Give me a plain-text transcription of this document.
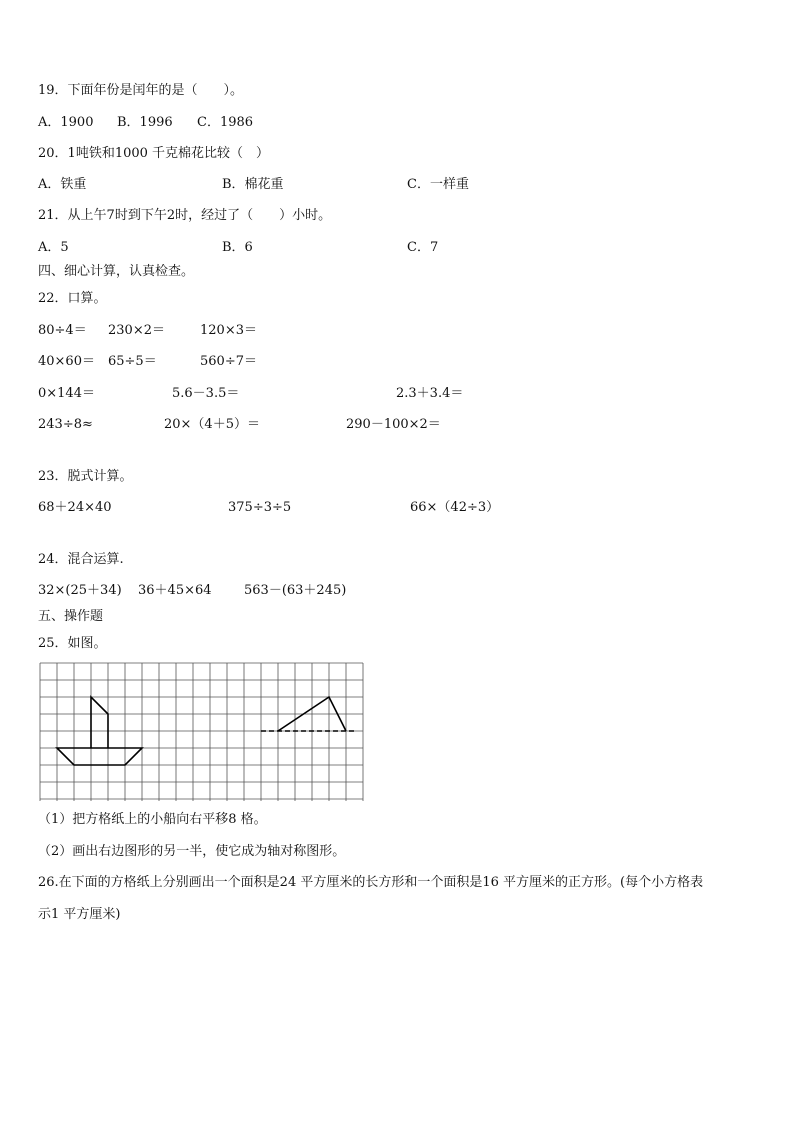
19．下面年份是闰年的是（　　）。
A．1900 B．1996 C．1986
20．1吨铁和1000 千克棉花比较（　）
A．铁重	B．棉花重	C．一样重
21．从上午7时到下午2时，经过了（　　）小时。
A．5	B．6	C．7
四、细心计算，认真检查。
22．口算。
80÷4＝ 230×2＝	120×3＝
40×60＝ 65÷5＝	560÷7＝
0×144＝	5.6－3.5＝	2.3＋3.4＝
243÷8≈	20×（4＋5）＝	290－100×2＝
23．脱式计算。
68＋24×40	375÷3÷5	66×（42÷3）
24．混合运算.
32×(25＋34) 36＋45×64 563－(63＋245)
五、操作题
25．如图。
（1）把方格纸上的小船向右平移8 格。
（2）画出右边图形的另一半，使它成为轴对称图形。
26.在下面的方格纸上分别画出一个面积是24 平方厘米的长方形和一个面积是16 平方厘米的正方形。(每个小方格表
示1 平方厘米)
